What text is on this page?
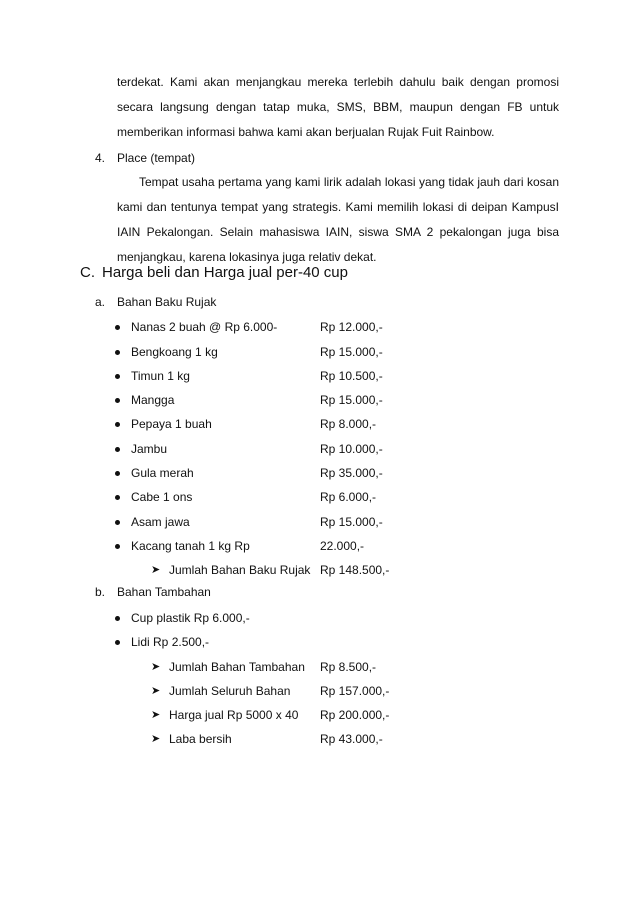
terdekat. Kami akan menjangkau mereka terlebih dahulu baik dengan promosi
secara langsung dengan tatap muka, SMS, BBM, maupun dengan FB untuk
memberikan informasi bahwa kami akan berjualan Rujak Fuit Rainbow.
4. Place (tempat)
Tempat usaha pertama yang kami lirik adalah lokasi yang tidak jauh dari kosan
kami dan tentunya tempat yang strategis. Kami memilih lokasi di deipan KampusI
IAIN Pekalongan. Selain mahasiswa IAIN, siswa SMA 2 pekalongan juga bisa
menjangkau, karena lokasinya juga relativ dekat.
C. Harga beli dan Harga jual per-40 cup
a. Bahan Baku Rujak
Nanas 2 buah @ Rp 6.000-	Rp 12.000,-
Bengkoang 1 kg	Rp 15.000,-
Timun 1 kg	Rp 10.500,-
Mangga	Rp 15.000,-
Pepaya 1 buah	Rp 8.000,-
Jambu	Rp 10.000,-
Gula merah	Rp 35.000,-
Cabe 1 ons	Rp 6.000,-
Asam jawa	Rp 15.000,-
Kacang tanah 1 kg Rp	22.000,-
➤ Jumlah Bahan Baku Rujak Rp 148.500,-
b. Bahan Tambahan
Cup plastik Rp 6.000,-
Lidi Rp 2.500,-
➤ Jumlah Bahan Tambahan Rp 8.500,-
➤ Jumlah Seluruh Bahan Rp 157.000,-
➤ Harga jual Rp 5000 x 40 Rp 200.000,-
➤ Laba bersih	Rp 43.000,-
